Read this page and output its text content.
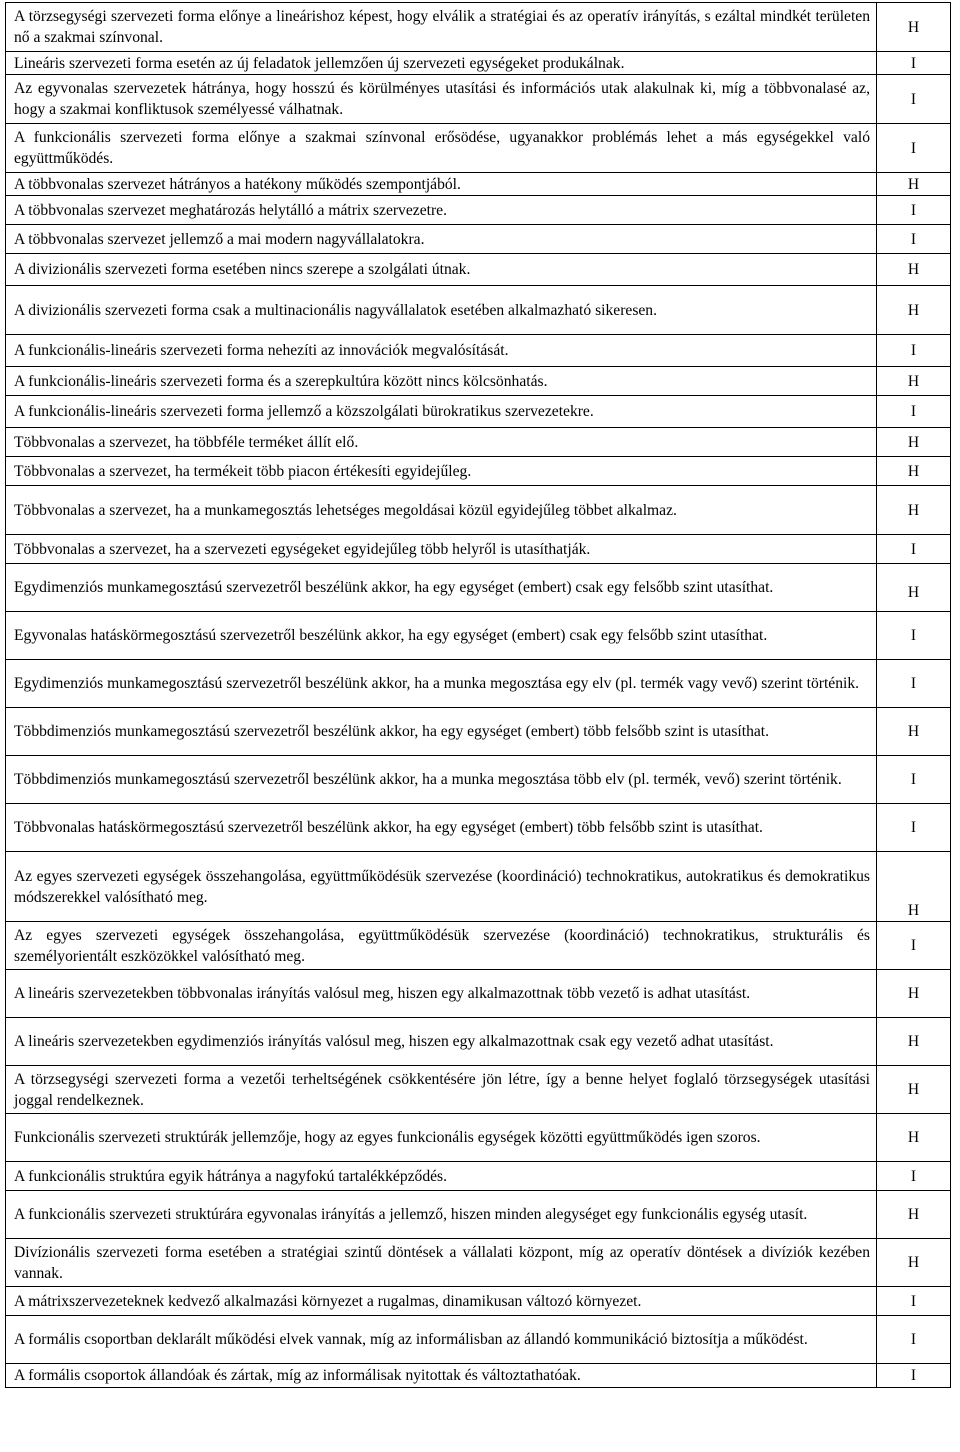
A törzsegységi szervezeti forma előnye a lineárishoz képest, hogy elválik a stratégiai és az operatív irányítás, s ezáltal mindkét területen nő a szakmai színvonal.	H
Lineáris szervezeti forma esetén az új feladatok jellemzően új szervezeti egységeket produkálnak.	I
Az egyvonalas szervezetek hátránya, hogy hosszú és körülményes utasítási és információs utak alakulnak ki, míg a többvonalasé az, hogy a szakmai konfliktusok személyessé válhatnak.	I
A funkcionális szervezeti forma előnye a szakmai színvonal erősödése, ugyanakkor problémás lehet a más egységekkel való együttműködés.	I
A többvonalas szervezet hátrányos a hatékony működés szempontjából.	H
A többvonalas szervezet meghatározás helytálló a mátrix szervezetre.	I
A többvonalas szervezet jellemző a mai modern nagyvállalatokra.	I
A divizionális szervezeti forma esetében nincs szerepe a szolgálati útnak.	H
A divizionális szervezeti forma csak a multinacionális nagyvállalatok esetében alkalmazható sikeresen.	H
A funkcionális-lineáris szervezeti forma nehezíti az innovációk megvalósítását.	I
A funkcionális-lineáris szervezeti forma és a szerepkultúra között nincs kölcsönhatás.	H
A funkcionális-lineáris szervezeti forma jellemző a közszolgálati bürokratikus szervezetekre.	I
Többvonalas a szervezet, ha többféle terméket állít elő.	H
Többvonalas a szervezet, ha termékeit több piacon értékesíti egyidejűleg.	H
Többvonalas a szervezet, ha a munkamegosztás lehetséges megoldásai közül egyidejűleg többet alkalmaz.	H
Többvonalas a szervezet, ha a szervezeti egységeket egyidejűleg több helyről is utasíthatják.	I
Egydimenziós munkamegosztású szervezetről beszélünk akkor, ha egy egységet (embert) csak egy felsőbb szint utasíthat.	H
Egyvonalas hatáskörmegosztású szervezetről beszélünk akkor, ha egy egységet (embert) csak egy felsőbb szint utasíthat.	I
Egydimenziós munkamegosztású szervezetről beszélünk akkor, ha a munka megosztása egy elv (pl. termék vagy vevő) szerint történik.	I
Többdimenziós munkamegosztású szervezetről beszélünk akkor, ha egy egységet (embert) több felsőbb szint is utasíthat.	H
Többdimenziós munkamegosztású szervezetről beszélünk akkor, ha a munka megosztása több elv (pl. termék, vevő) szerint történik.	I
Többvonalas hatáskörmegosztású szervezetről beszélünk akkor, ha egy egységet (embert) több felsőbb szint is utasíthat.	I
Az egyes szervezeti egységek összehangolása, együttműködésük szervezése (koordináció) technokratikus, autokratikus és demokratikus módszerekkel valósítható meg.	H
Az egyes szervezeti egységek összehangolása, együttműködésük szervezése (koordináció) technokratikus, strukturális és személyorientált eszközökkel valósítható meg.	I
A lineáris szervezetekben többvonalas irányítás valósul meg, hiszen egy alkalmazottnak több vezető is adhat utasítást.	H
A lineáris szervezetekben egydimenziós irányítás valósul meg, hiszen egy alkalmazottnak csak egy vezető adhat utasítást.	H
A törzsegységi szervezeti forma a vezetői terheltségének csökkentésére jön létre, így a benne helyet foglaló törzsegységek utasítási joggal rendelkeznek.	H
Funkcionális szervezeti struktúrák jellemzője, hogy az egyes funkcionális egységek közötti együttműködés igen szoros.	H
A funkcionális struktúra egyik hátránya a nagyfokú tartalékképződés.	I
A funkcionális szervezeti struktúrára egyvonalas irányítás a jellemző, hiszen minden alegységet egy funkcionális egység utasít.	H
Divízionális szervezeti forma esetében a stratégiai szintű döntések a vállalati központ, míg az operatív döntések a divíziók kezében vannak.	H
A mátrixszervezeteknek kedvező alkalmazási környezet a rugalmas, dinamikusan változó környezet.	I
A formális csoportban deklarált működési elvek vannak, míg az informálisban az állandó kommunikáció biztosítja a működést.	I
A formális csoportok állandóak és zártak, míg az informálisak nyitottak és változtathatóak.	I
